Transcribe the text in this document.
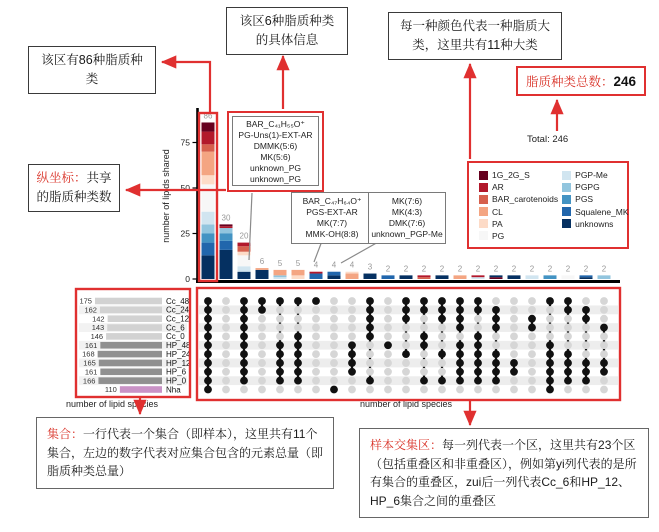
0
25
50
75
number of lipids shared
86
30
20
6 5 5 4 4 4 3 2 2 2 2 2 2 2 2 2 2 2 2 2
175	Cc_48
162	Cc_24
142	Cc_12
143	Cc_6
146	Cc_0
161	HP_48
168	HP_24
165	HP_12
161	HP_6
166	HP_0
110	Nha
number of lipid species	number of lipid species
该区有86种脂质种类
该区6种脂质种类的具体信息
每一种颜色代表一种脂质大类，这里共有11种大类
纵坐标：共享的脂质种类数
脂质种类总数：246
Total: 246
1G_2G_S
AR
BAR_carotenoids
CL
PA
PG
PGP-Me
PGPG
PGS
Squalene_MK
unknowns
BAR_C₄₁H₅₅O⁺
PG-Uns(1)-EXT-AR
DMMK(5:6)
MK(5:6)
unknown_PG
unknown_PG
BAR_C₄₇H₆₄O⁺
PGS-EXT-AR
MK(7:7)
MMK-OH(8:8)
MK(7:6)
MK(4:3)
DMK(7:6)
unknown_PGP-Me
集合：一行代表一个集合（即样本），这里共有11个集合，左边的数字代表对应集合包含的元素总量（即脂质种类总量）
样本交集区：每一列代表一个区，这里共有23个区（包括重叠区和非重叠区），例如第yi列代表的是所有集合的重叠区，zui后一列代表Cc_6和HP_12、HP_6集合之间的重叠区
